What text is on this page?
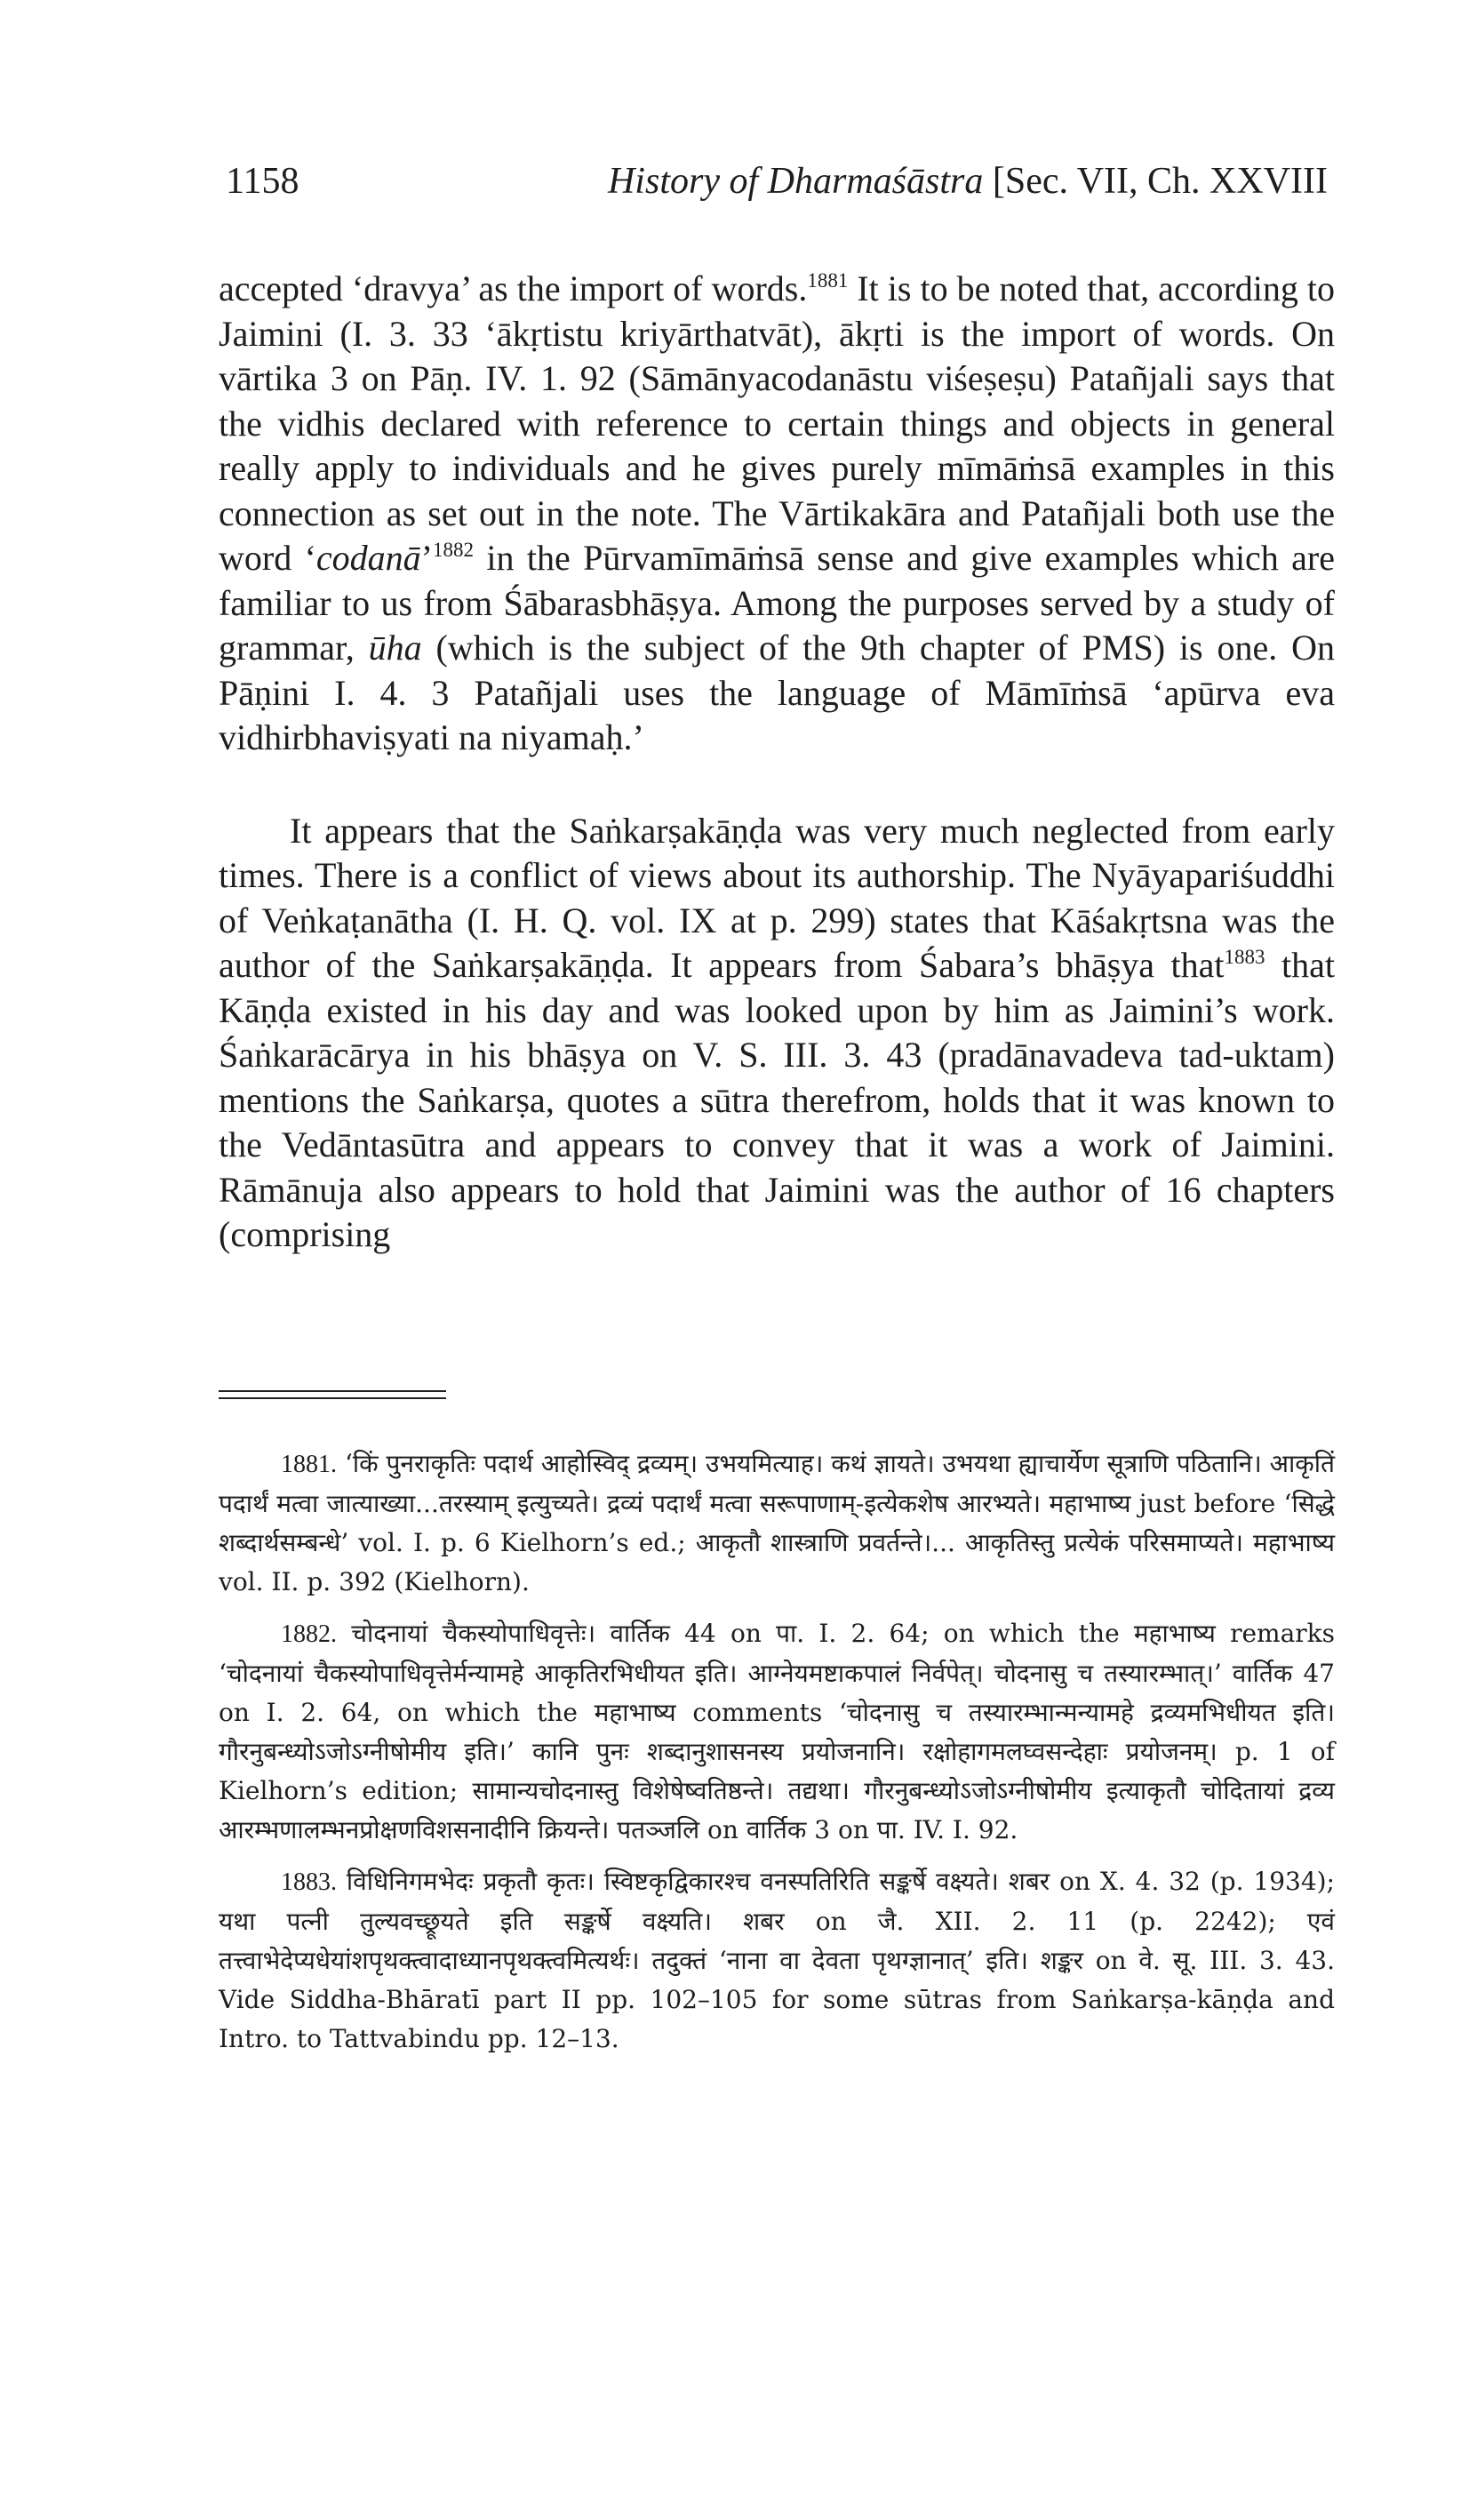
1158	History of Dharmaśāstra [Sec. VII, Ch. XXVIII

accepted ‘dravya’ as the import of words.$^{1881}$ It is to be noted that, according to Jaimini (I. 3. 33 ‘ākṛtistu kriyārthatvāt), ākṛti is the import of words. On vārtika 3 on Pāṇ. IV. 1. 92 (Sāmānyacodanāstu viśeṣeṣu) Patañjali says that the vidhis declared with reference to certain things and objects in general really apply to individuals and he gives purely mīmāṁsā examples in this connection as set out in the note. The Vārtikakāra and Patañjali both use the word ‘codanā’$^{1882}$ in the Pūrvamīmāṁsā sense and give examples which are familiar to us from Śābarasbhāṣya. Among the purposes served by a study of grammar, ūha (which is the subject of the 9th chapter of PMS) is one. On Pāṇini I. 4. 3 Patañjali uses the language of Māmīṁsā ‘apūrva eva vidhirbhaviṣyati na niyamaḥ.’

It appears that the Saṅkarṣakāṇḍa was very much neglected from early times. There is a conflict of views about its authorship. The Nyāyapariśuddhi of Veṅkaṭanātha (I. H. Q. vol. IX at p. 299) states that Kāśakṛtsna was the author of the Saṅkarṣakāṇḍa. It appears from Śabara’s bhāṣya that$^{1883}$ that Kāṇḍa existed in his day and was looked upon by him as Jaimini’s work. Śaṅkarācārya in his bhāṣya on V. S. III. 3. 43 (pradānavadeva tad-uktam) mentions the Saṅkarṣa, quotes a sūtra therefrom, holds that it was known to the Vedāntasūtra and appears to convey that it was a work of Jaimini. Rāmānuja also appears to hold that Jaimini was the author of 16 chapters (comprising

1881. ‘किं पुनराकृतिः पदार्थ आहोस्विद् द्रव्यम्। उभयमित्याह। कथं ज्ञायते। उभयथा ह्याचार्येण सूत्राणि पठितानि। आकृतिं पदार्थं मत्वा जात्याख्या...तरस्याम् इत्युच्यते। द्रव्यं पदार्थं मत्वा सरूपाणाम्-इत्येकशेष आरभ्यते। महाभाष्य just before ‘सिद्धे शब्दार्थसम्बन्धे’ vol. I. p. 6 Kielhorn’s ed.; आकृतौ शास्त्राणि प्रवर्तन्ते।... आकृतिस्तु प्रत्येकं परिसमाप्यते। महाभाष्य vol. II. p. 392 (Kielhorn).

1882. चोदनायां चैकस्योपाधिवृत्तेः। वार्तिक 44 on पा. I. 2. 64; on which the महाभाष्य remarks ‘चोदनायां चैकस्योपाधिवृत्तेर्मन्यामहे आकृतिरभिधीयत इति। आग्नेयमष्टाकपालं निर्वपेत्। चोदनासु च तस्यारम्भात्।’ वार्तिक 47 on I. 2. 64, on which the महाभाष्य comments ‘चोदनासु च तस्यारम्भान्मन्यामहे द्रव्यमभिधीयत इति। गौरनुबन्ध्योऽजोऽग्नीषोमीय इति।’ कानि पुनः शब्दानुशासनस्य प्रयोजनानि। रक्षोहागमलघ्वसन्देहाः प्रयोजनम्। p. 1 of Kielhorn’s edition; सामान्यचोदनास्तु विशेषेष्वतिष्ठन्ते। तद्यथा। गौरनुबन्ध्योऽजोऽग्नीषोमीय इत्याकृतौ चोदितायां द्रव्य आरम्भणालम्भनप्रोक्षणविशसनादीनि क्रियन्ते। पतञ्जलि on वार्तिक 3 on पा. IV. I. 92.

1883. विधिनिगमभेदः प्रकृतौ कृतः। स्विष्टकृद्विकारश्च वनस्पतिरिति सङ्कर्षे वक्ष्यते। शबर on X. 4. 32 (p. 1934); यथा पत्नी तुल्यवच्छ्रूयते इति सङ्कर्षे वक्ष्यति। शबर on जै. XII. 2. 11 (p. 2242); एवं तत्त्वाभेदेप्यधेयांशपृथक्त्वादाध्यानपृथक्त्वमित्यर्थः। तदुक्तं ‘नाना वा देवता पृथग्ज्ञानात्’ इति। शङ्कर on वे. सू. III. 3. 43. Vide Siddha-Bhāratī part II pp. 102–105 for some sūtras from Saṅkarṣa-kāṇḍa and Intro. to Tattvabindu pp. 12–13.
